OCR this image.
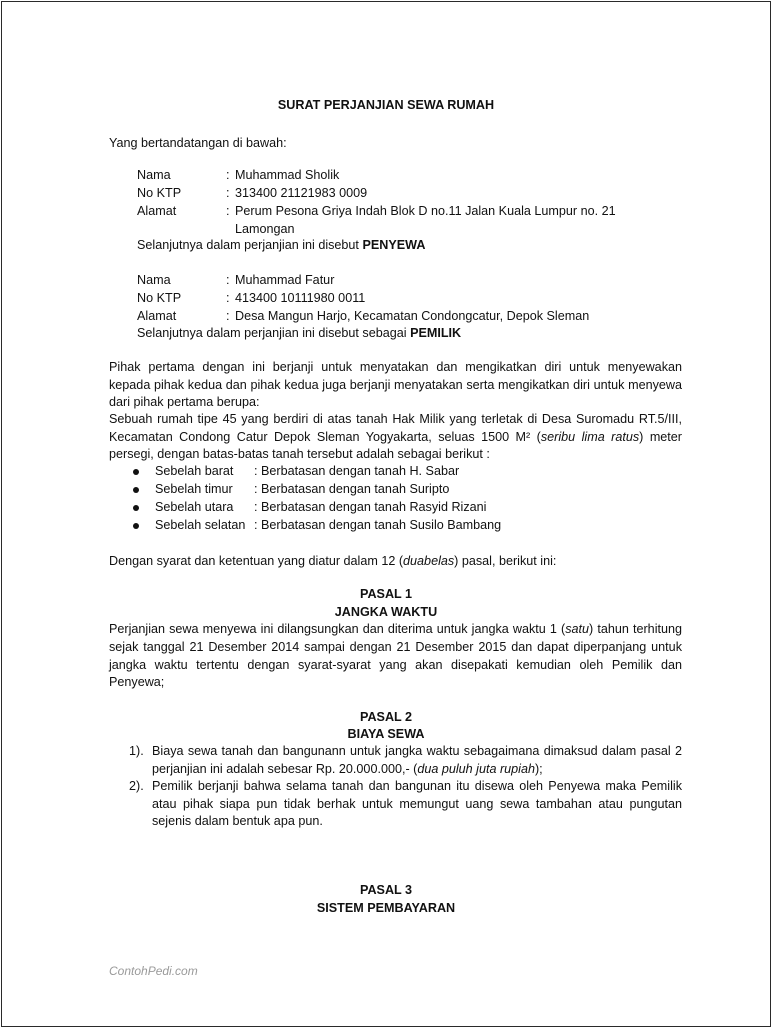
SURAT PERJANJIAN SEWA RUMAH
Yang bertandatangan di bawah:
Nama	: Muhammad Sholik
No KTP	: 313400 21121983 0009
Alamat	: Perum Pesona Griya Indah Blok D no.11 Jalan Kuala Lumpur no. 21
Lamongan
Selanjutnya dalam perjanjian ini disebut PENYEWA
Nama	: Muhammad Fatur
No KTP	: 413400 10111980 0011
Alamat	: Desa Mangun Harjo, Kecamatan Condongcatur, Depok Sleman
Selanjutnya dalam perjanjian ini disebut sebagai PEMILIK
Pihak pertama dengan ini berjanji untuk menyatakan dan mengikatkan diri untuk menyewakan
kepada pihak kedua dan pihak kedua juga berjanji menyatakan serta mengikatkan diri untuk menyewa
dari pihak pertama berupa:
Sebuah rumah tipe 45 yang berdiri di atas tanah Hak Milik yang terletak di Desa Suromadu RT.5/III,
Kecamatan Condong Catur Depok Sleman Yogyakarta, seluas 1500 M² (seribu lima ratus) meter
persegi, dengan batas-batas tanah tersebut adalah sebagai berikut :
Sebelah barat : Berbatasan dengan tanah H. Sabar
Sebelah timur : Berbatasan dengan tanah Suripto
Sebelah utara : Berbatasan dengan tanah Rasyid Rizani
Sebelah selatan : Berbatasan dengan tanah Susilo Bambang
Dengan syarat dan ketentuan yang diatur dalam 12 (duabelas) pasal, berikut ini:
PASAL 1
JANGKA WAKTU
Perjanjian sewa menyewa ini dilangsungkan dan diterima untuk jangka waktu 1 (satu) tahun terhitung
sejak tanggal 21 Desember 2014 sampai dengan 21 Desember 2015 dan dapat diperpanjang untuk
jangka waktu tertentu dengan syarat-syarat yang akan disepakati kemudian oleh Pemilik dan
Penyewa;
PASAL 2
BIAYA SEWA
1). Biaya sewa tanah dan bangunann untuk jangka waktu sebagaimana dimaksud dalam pasal 2
perjanjian ini adalah sebesar Rp. 20.000.000,- (dua puluh juta rupiah);
2). Pemilik berjanji bahwa selama tanah dan bangunan itu disewa oleh Penyewa maka Pemilik
atau pihak siapa pun tidak berhak untuk memungut uang sewa tambahan atau pungutan
sejenis dalam bentuk apa pun.
PASAL 3
SISTEM PEMBAYARAN
ContohPedi.com
